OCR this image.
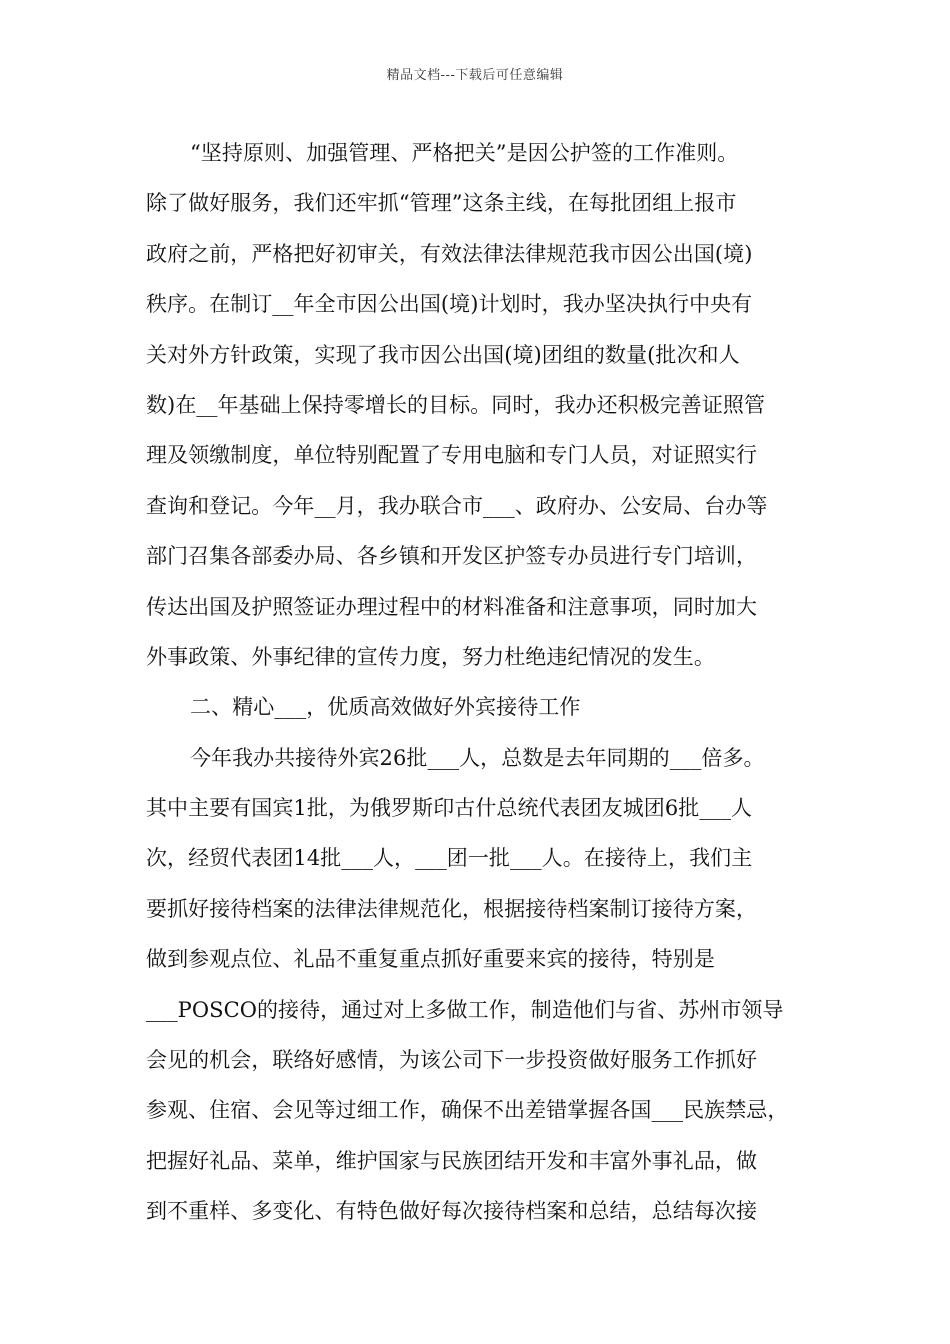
精品文档---下载后可任意编辑
“坚持原则、加强管理、严格把关”是因公护签的工作准则。
除了做好服务，我们还牢抓“管理”这条主线，在每批团组上报市
政府之前，严格把好初审关，有效法律法律规范我市因公出国(境)
秩序。在制订__年全市因公出国(境)计划时，我办坚决执行中央有
关对外方针政策，实现了我市因公出国(境)团组的数量(批次和人
数)在__年基础上保持零增长的目标。同时，我办还积极完善证照管
理及领缴制度，单位特别配置了专用电脑和专门人员，对证照实行
查询和登记。今年__月，我办联合市___、政府办、公安局、台办等
部门召集各部委办局、各乡镇和开发区护签专办员进行专门培训，
传达出国及护照签证办理过程中的材料准备和注意事项，同时加大
外事政策、外事纪律的宣传力度，努力杜绝违纪情况的发生。
二、精心___，优质高效做好外宾接待工作
今年我办共接待外宾26批___人，总数是去年同期的___倍多。
其中主要有国宾1批，为俄罗斯印古什总统代表团友城团6批___人
次，经贸代表团14批___人，___团一批___人。在接待上，我们主
要抓好接待档案的法律法律规范化，根据接待档案制订接待方案，
做到参观点位、礼品不重复重点抓好重要来宾的接待，特别是
___POSCO的接待，通过对上多做工作，制造他们与省、苏州市领导
会见的机会，联络好感情，为该公司下一步投资做好服务工作抓好
参观、住宿、会见等过细工作，确保不出差错掌握各国___民族禁忌，
把握好礼品、菜单，维护国家与民族团结开发和丰富外事礼品，做
到不重样、多变化、有特色做好每次接待档案和总结，总结每次接
